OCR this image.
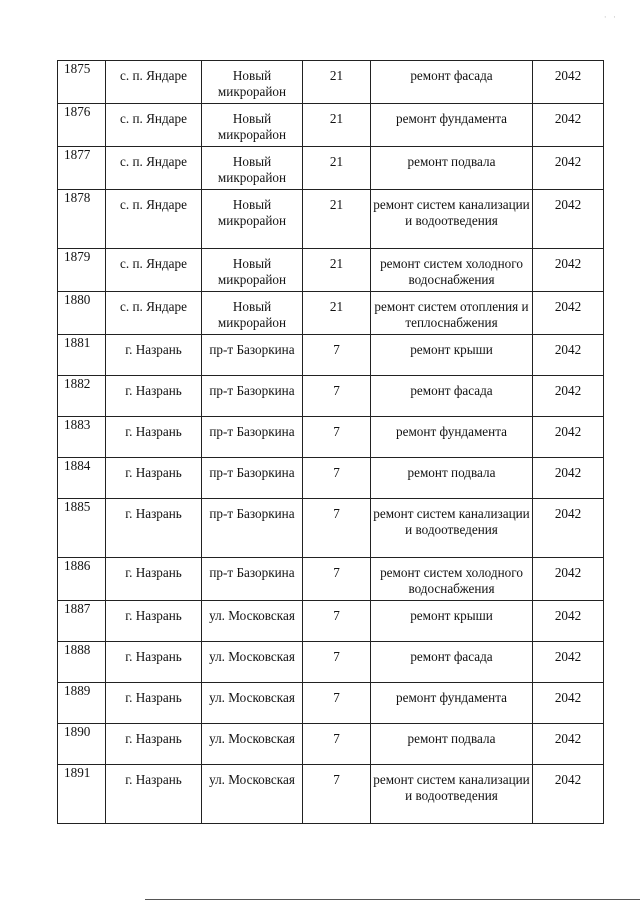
· ·
1875	с. п. Яндаре	Новый микрорайон	21	ремонт фасада	2042

1876	с. п. Яндаре	Новый микрорайон	21	ремонт фундамента	2042

1877	с. п. Яндаре	Новый микрорайон	21	ремонт подвала	2042

1878	с. п. Яндаре	Новый микрорайон	21	ремонт систем канализации и водоотведения	2042

1879	с. п. Яндаре	Новый микрорайон	21	ремонт систем холодного водоснабжения	2042

1880	с. п. Яндаре	Новый микрорайон	21	ремонт систем отопления и теплоснабжения	2042

1881	г. Назрань	пр-т Базоркина	7	ремонт крыши	2042

1882	г. Назрань	пр-т Базоркина	7	ремонт фасада	2042

1883	г. Назрань	пр-т Базоркина	7	ремонт фундамента	2042

1884	г. Назрань	пр-т Базоркина	7	ремонт подвала	2042

1885	г. Назрань	пр-т Базоркина	7	ремонт систем канализации и водоотведения	2042

1886	г. Назрань	пр-т Базоркина	7	ремонт систем холодного водоснабжения	2042

1887	г. Назрань	ул. Московская	7	ремонт крыши	2042

1888	г. Назрань	ул. Московская	7	ремонт фасада	2042

1889	г. Назрань	ул. Московская	7	ремонт фундамента	2042

1890	г. Назрань	ул. Московская	7	ремонт подвала	2042

1891	г. Назрань	ул. Московская	7	ремонт систем канализации и водоотведения	2042
